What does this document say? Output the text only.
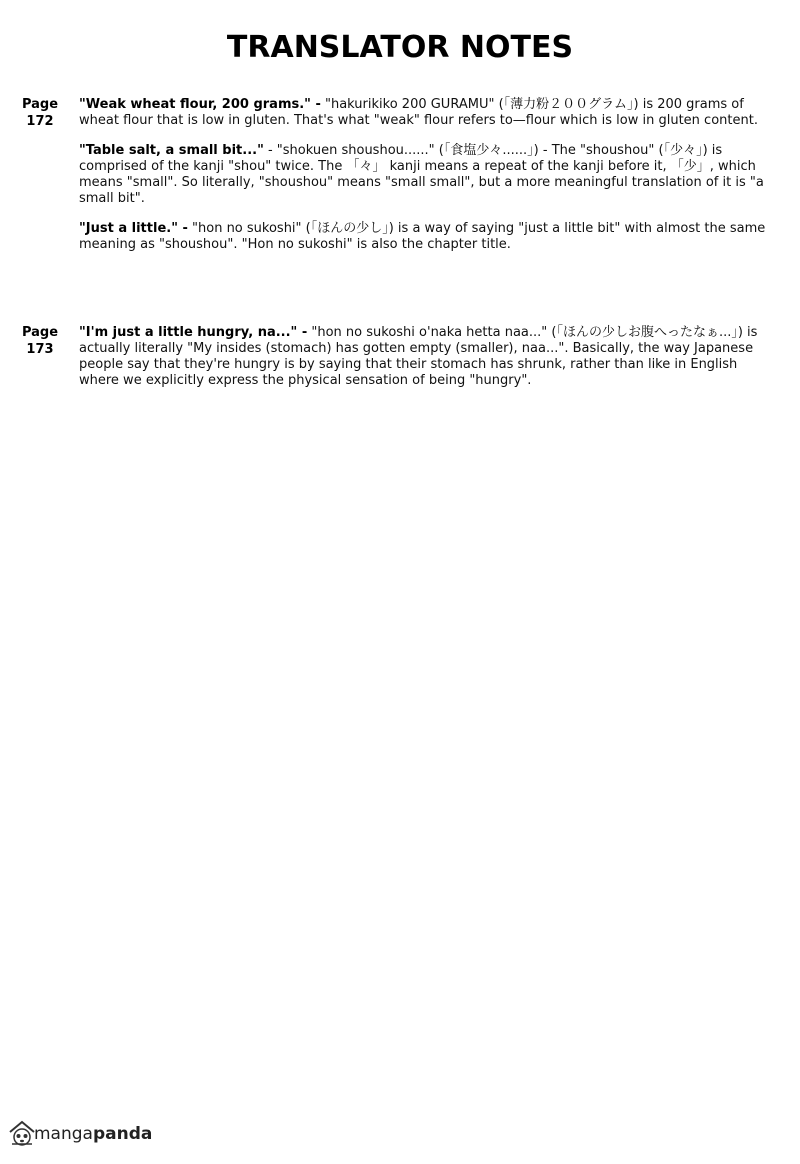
TRANSLATOR NOTES
Page
172

"Weak wheat flour, 200 grams." - "hakurikiko 200 GURAMU" (「薄力粉２００グラム」) is 200 grams of wheat flour that is low in gluten. That's what "weak" flour refers to—flour which is low in gluten content.

"Table salt, a small bit..." - "shokuen shoushou......" (「食塩少々......」) - The "shoushou" (「少々」) is comprised of the kanji "shou" twice. The 「々」 kanji means a repeat of the kanji before it, 「少」, which means "small". So literally, "shoushou" means "small small", but a more meaningful translation of it is "a small bit".

"Just a little." - "hon no sukoshi" (「ほんの少し」) is a way of saying "just a little bit" with almost the same meaning as "shoushou". "Hon no sukoshi" is also the chapter title.

Page
173

"I'm just a little hungry, na..." - "hon no sukoshi o'naka hetta naa..." (「ほんの少しお腹へったなぁ...」) is actually literally "My insides (stomach) has gotten empty (smaller), naa...". Basically, the way Japanese people say that they're hungry is by saying that their stomach has shrunk, rather than like in English where we explicitly express the physical sensation of being "hungry".

mangapanda
